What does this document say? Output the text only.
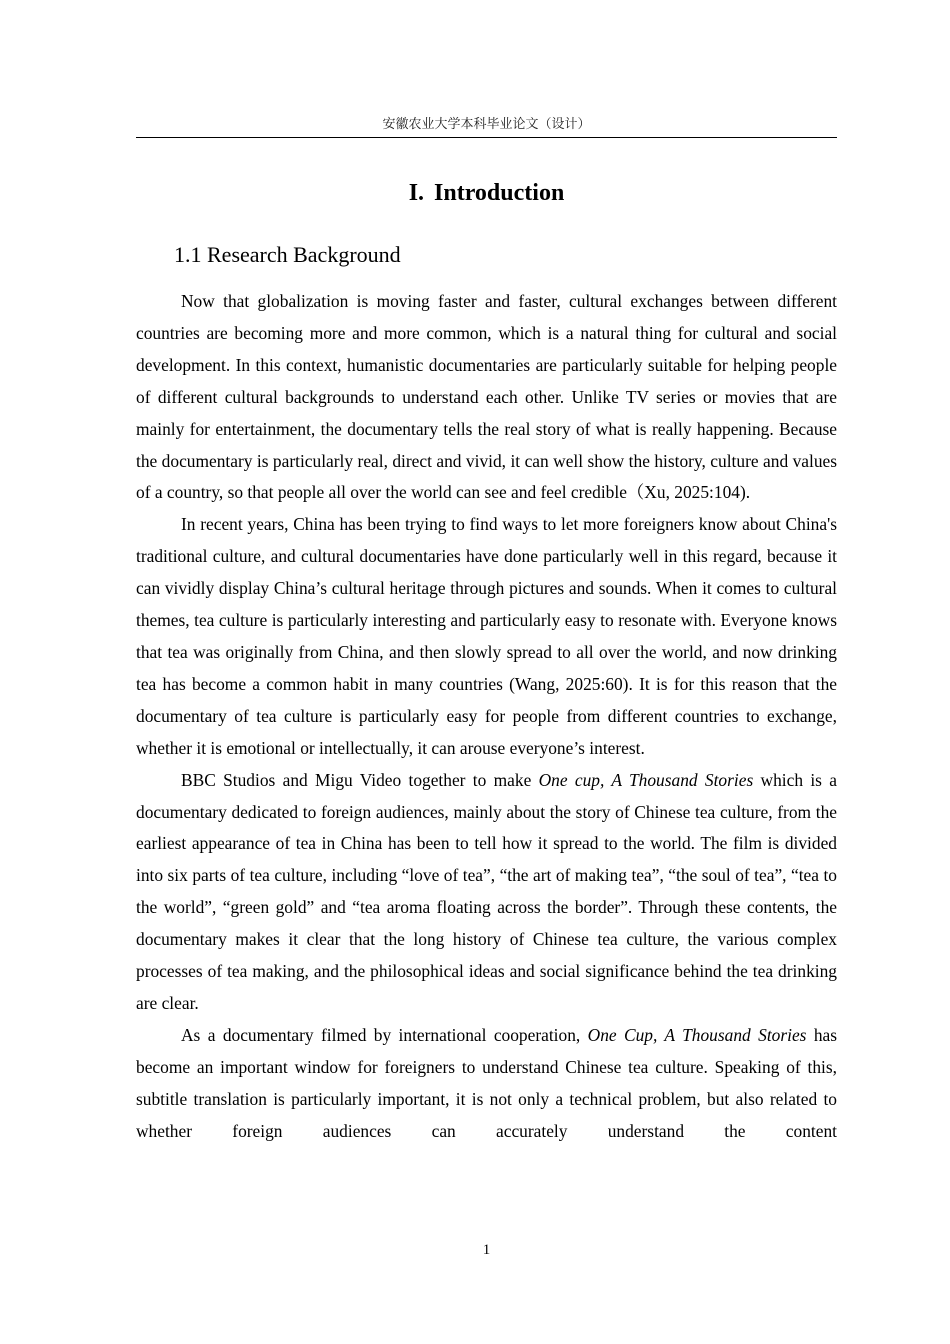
安徽农业大学本科毕业论文（设计）
I. Introduction
1.1 Research Background

Now that globalization is moving faster and faster, cultural exchanges between different countries are becoming more and more common, which is a natural thing for cultural and social development. In this context, humanistic documentaries are particularly suitable for helping people of different cultural backgrounds to understand each other. Unlike TV series or movies that are mainly for entertainment, the documentary tells the real story of what is really happening. Because the documentary is particularly real, direct and vivid, it can well show the history, culture and values of a country, so that people all over the world can see and feel credible（Xu, 2025:104).

In recent years, China has been trying to find ways to let more foreigners know about China's traditional culture, and cultural documentaries have done particularly well in this regard, because it can vividly display China’s cultural heritage through pictures and sounds. When it comes to cultural themes, tea culture is particularly interesting and particularly easy to resonate with. Everyone knows that tea was originally from China, and then slowly spread to all over the world, and now drinking tea has become a common habit in many countries (Wang, 2025:60). It is for this reason that the documentary of tea culture is particularly easy for people from different countries to exchange, whether it is emotional or intellectually, it can arouse everyone’s interest.

BBC Studios and Migu Video together to make One cup, A Thousand Stories which is a documentary dedicated to foreign audiences, mainly about the story of Chinese tea culture, from the earliest appearance of tea in China has been to tell how it spread to the world. The film is divided into six parts of tea culture, including “love of tea”, “the art of making tea”, “the soul of tea”, “tea to the world”, “green gold” and “tea aroma floating across the border”. Through these contents, the documentary makes it clear that the long history of Chinese tea culture, the various complex processes of tea making, and the philosophical ideas and social significance behind the tea drinking are clear.

As a documentary filmed by international cooperation, One Cup, A Thousand Stories has become an important window for foreigners to understand Chinese tea culture. Speaking of this, subtitle translation is particularly important, it is not only a technical problem, but also related to whether foreign audiences can accurately understand the content

1
